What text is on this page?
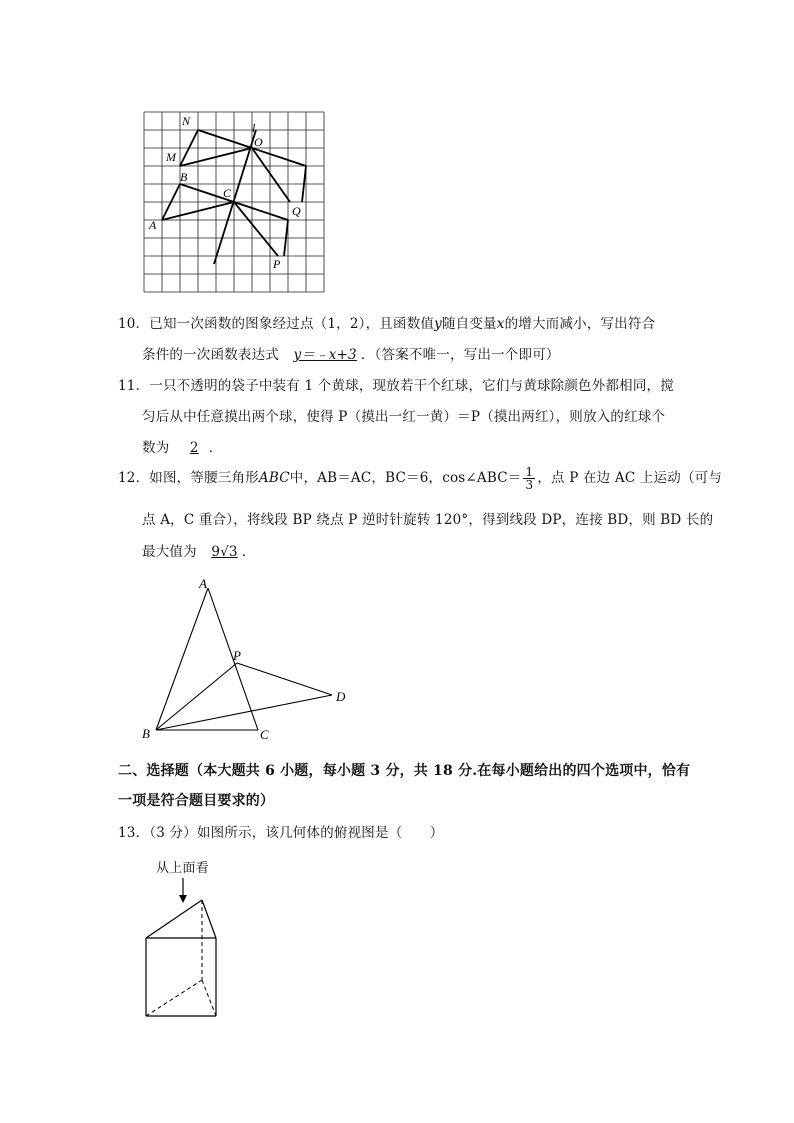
N
M
B
A
C
O
l
Q
P
10．已知一次函数的图象经过点（1，2），且函数值y随自变量x的增大而减小，写出符合
条件的一次函数表达式 y＝﹣x+3 ．（答案不唯一，写出一个即可）
11．一只不透明的袋子中装有 1 个黄球，现放若干个红球，它们与黄球除颜色外都相同，搅
匀后从中任意摸出两个球，使得 P（摸出一红一黄）＝P（摸出两红），则放入的红球个
数为 2 ．
12．如图，等腰三角形ABC中，AB＝AC，BC＝6，cos∠ABC＝ $\frac{1}{3}$ ，点 P 在边 AC 上运动（可与
点 A，C 重合），将线段 BP 绕点 P 逆时针旋转 120°，得到线段 DP，连接 BD，则 BD 长的
最大值为 9√3 ．
A
P
D
B	C
二、选择题（本大题共 6 小题，每小题 3 分，共 18 分.在每小题给出的四个选项中，恰有
一项是符合题目要求的）
13．（3 分）如图所示，该几何体的俯视图是（　　）
从上面看
